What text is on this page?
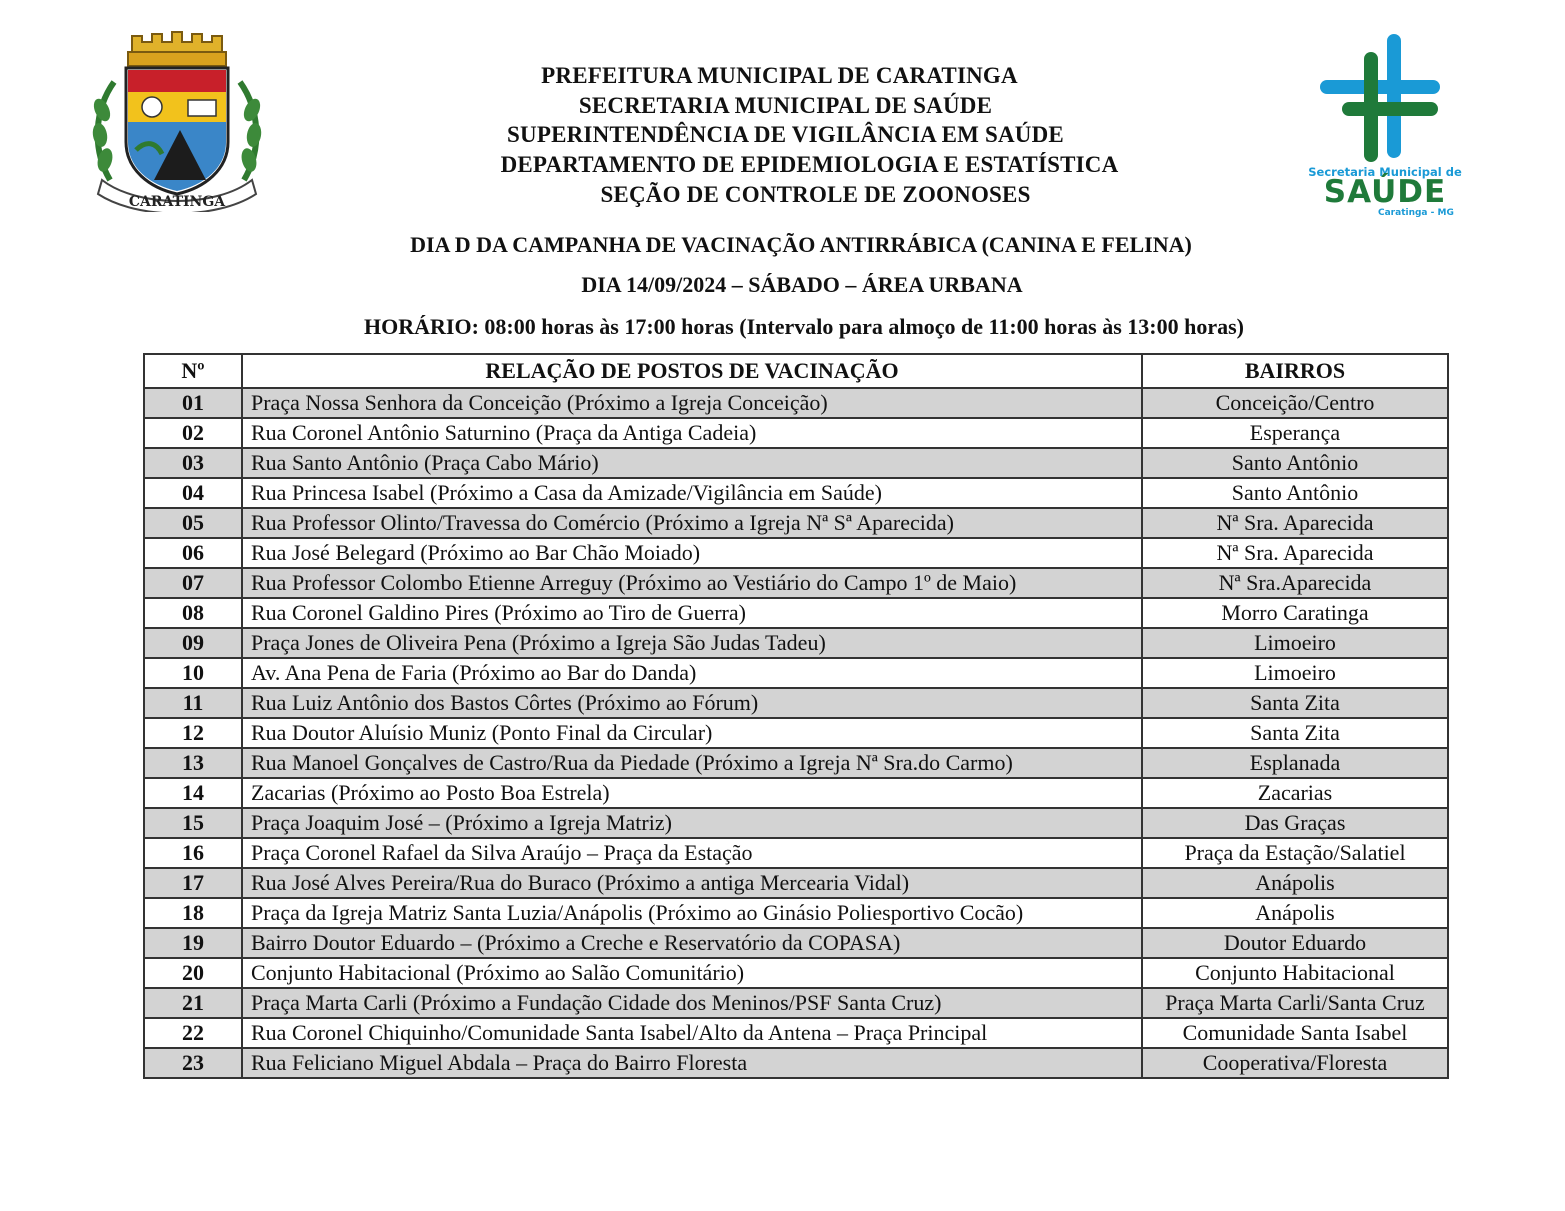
CARATINGA
PREFEITURA MUNICIPAL DE CARATINGA
SECRETARIA MUNICIPAL DE SAÚDE
SUPERINTENDÊNCIA DE VIGILÂNCIA EM SAÚDE
DEPARTAMENTO DE EPIDEMIOLOGIA E ESTATÍSTICA
SEÇÃO DE CONTROLE DE ZOONOSES
Secretaria Municipal de
SAÚDE
Caratinga - MG
DIA D DA CAMPANHA DE VACINAÇÃO ANTIRRÁBICA (CANINA E FELINA)
DIA 14/09/2024 – SÁBADO – ÁREA URBANA
HORÁRIO: 08:00 horas às 17:00 horas (Intervalo para almoço de 11:00 horas às 13:00 horas)
Nº	RELAÇÃO DE POSTOS DE VACINAÇÃO	BAIRROS
01	Praça Nossa Senhora da Conceição (Próximo a Igreja Conceição)	Conceição/Centro
02	Rua Coronel Antônio Saturnino (Praça da Antiga Cadeia)	Esperança
03	Rua Santo Antônio (Praça Cabo Mário)	Santo Antônio
04	Rua Princesa Isabel (Próximo a Casa da Amizade/Vigilância em Saúde)	Santo Antônio
05	Rua Professor Olinto/Travessa do Comércio (Próximo a Igreja Nª Sª Aparecida)	Nª Sra. Aparecida
06	Rua José Belegard (Próximo ao Bar Chão Moiado)	Nª Sra. Aparecida
07	Rua Professor Colombo Etienne Arreguy (Próximo ao Vestiário do Campo 1º de Maio)	Nª Sra.Aparecida
08	Rua Coronel Galdino Pires (Próximo ao Tiro de Guerra)	Morro Caratinga
09	Praça Jones de Oliveira Pena (Próximo a Igreja São Judas Tadeu)	Limoeiro
10	Av. Ana Pena de Faria (Próximo ao Bar do Danda)	Limoeiro
11	Rua Luiz Antônio dos Bastos Côrtes (Próximo ao Fórum)	Santa Zita
12	Rua Doutor Aluísio Muniz (Ponto Final da Circular)	Santa Zita
13	Rua Manoel Gonçalves de Castro/Rua da Piedade (Próximo a Igreja Nª Sra.do Carmo)	Esplanada
14	Zacarias (Próximo ao Posto Boa Estrela)	Zacarias
15	Praça Joaquim José – (Próximo a Igreja Matriz)	Das Graças
16	Praça Coronel Rafael da Silva Araújo – Praça da Estação	Praça da Estação/Salatiel
17	Rua José Alves Pereira/Rua do Buraco (Próximo a antiga Mercearia Vidal)	Anápolis
18	Praça da Igreja Matriz Santa Luzia/Anápolis (Próximo ao Ginásio Poliesportivo Cocão)	Anápolis
19	Bairro Doutor Eduardo – (Próximo a Creche e Reservatório da COPASA)	Doutor Eduardo
20	Conjunto Habitacional (Próximo ao Salão Comunitário)	Conjunto Habitacional
21	Praça Marta Carli (Próximo a Fundação Cidade dos Meninos/PSF Santa Cruz)	Praça Marta Carli/Santa Cruz
22	Rua Coronel Chiquinho/Comunidade Santa Isabel/Alto da Antena – Praça Principal	Comunidade Santa Isabel
23	Rua Feliciano Miguel Abdala – Praça do Bairro Floresta	Cooperativa/Floresta
